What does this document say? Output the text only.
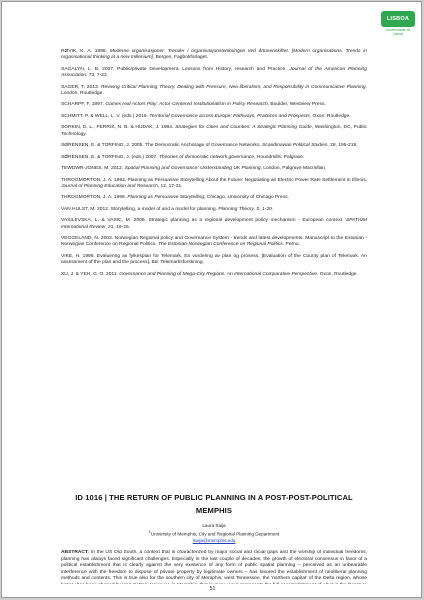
LISBOA
Universidade de Lisboa

RØVIK, K. A. 1998. Moderne organisasjoner: Trender i organisasjonstenkningen ved årtusenskiftet. [Modern organisations. Trends in organisational thinking at a new millenium], Bergen, Fagbokforlaget.

SAGALYN, L. B. 2007. Public/private Development. Lessons from History, research and Practice. Journal of the American Planning Association, 73, 7-22.

SAGER, T. 2013. Reviving Critical Planning Theory. Dealing with Pressure, Neo-liberalism, and Responsibility in Communicative Planning, London, Routledge.

SCHARPF, F. 1997. Games real Actors Play: Actor-Centered Institutionalism in Policy Research, Boulder, Westview Press.

SCHMITT, P. & WELL, L. V. (eds.) 2016. Territorial Governance across Europe: Pathways, Practices and Prospects, Oxon: Routledge.

SORKIN, D. L., FERRIS, N. B. & HUDAK, J. 1984. Strategies for Cities and Counties: A Strategic Planning Guide, Washington, DC, Public Technology.

SØRENSEN, E. & TORFING, J. 2005. The Democratic Anchorage of Governance Networks. Scandinavian Political Studies, 28, 195-218.

SØRENSEN, E. & TORFING, J. (eds.) 2007. Theories of democratic network governance, Houndmills: Palgrave.

TEWDWR-JONES, M. 2012. Spatial Planning and Governance: Understanding UK Planning, London, Palgrave Macmillan.

THROGMORTON, J. A. 1992. Planning as Persuasive Storytelling About the Future: Negotiating an Electric Power Rate Settlement in Illinois. Journal of Planning Education and Research, 12, 17-31.

THROGMORTON, J. A. 1996. Planning as Persuasive Storytelling, Chicago, University of Chicago Press.

VAN HULST, M. 2012. Storytelling, a model of and a model for planning. Planning Theory, 0, 1-20.

VASILEVSKA, L. & VASIC, M. 2009. Strategic planning as a regional development policy mechanism - European context. SPATIUM International Review, 21, 19-26.

VEGGELAND, N. 2003. Norwegian Regional policy and Governance System - trends and latest developments. Manuscript to the Estonian - Norwegian Conference on Regional Politics. The Estonian-Norwegian Conference on Regional Politics. Pernu.

VIKE, H. 1995. Evaluering av fylkesplan for Telemark. En vurdering av plan og prosess. [Evaluation of the County plan of Telemark. An assessment of the plan and the process], Bø: Telemarksforskning.

XU, J. & YEH, G. O. 2011. Governance and Planning of Mega-City Regions: An International Comparative Perspective, Oxon, Routledge.

ID 1016 | THE RETURN OF PUBLIC PLANNING IN A POST-POST-POLITICAL MEMPHIS
Laura Saija
$^1$University of Memphis, City and Regional Planning Department
lsaija@memphis.edu
ABSTRACT: In the US Old South, a context that is characterized by major social and racial gaps and the worship of individual freedoms, planning has always faced significant challenges. Especially in the last couple of decades, the growth of electoral consensus in favor of a political establishment that is clearly against the very existence of any form of public spatial planning – perceived as an unbearable interference with the freedom to dispose of private property by legitimate owners – has favored the establishment of neoliberal planning methods and contents. This is true also for the southern city of Memphis, west Tennessee, the 'northern capital' of the Delta region, whose
51
